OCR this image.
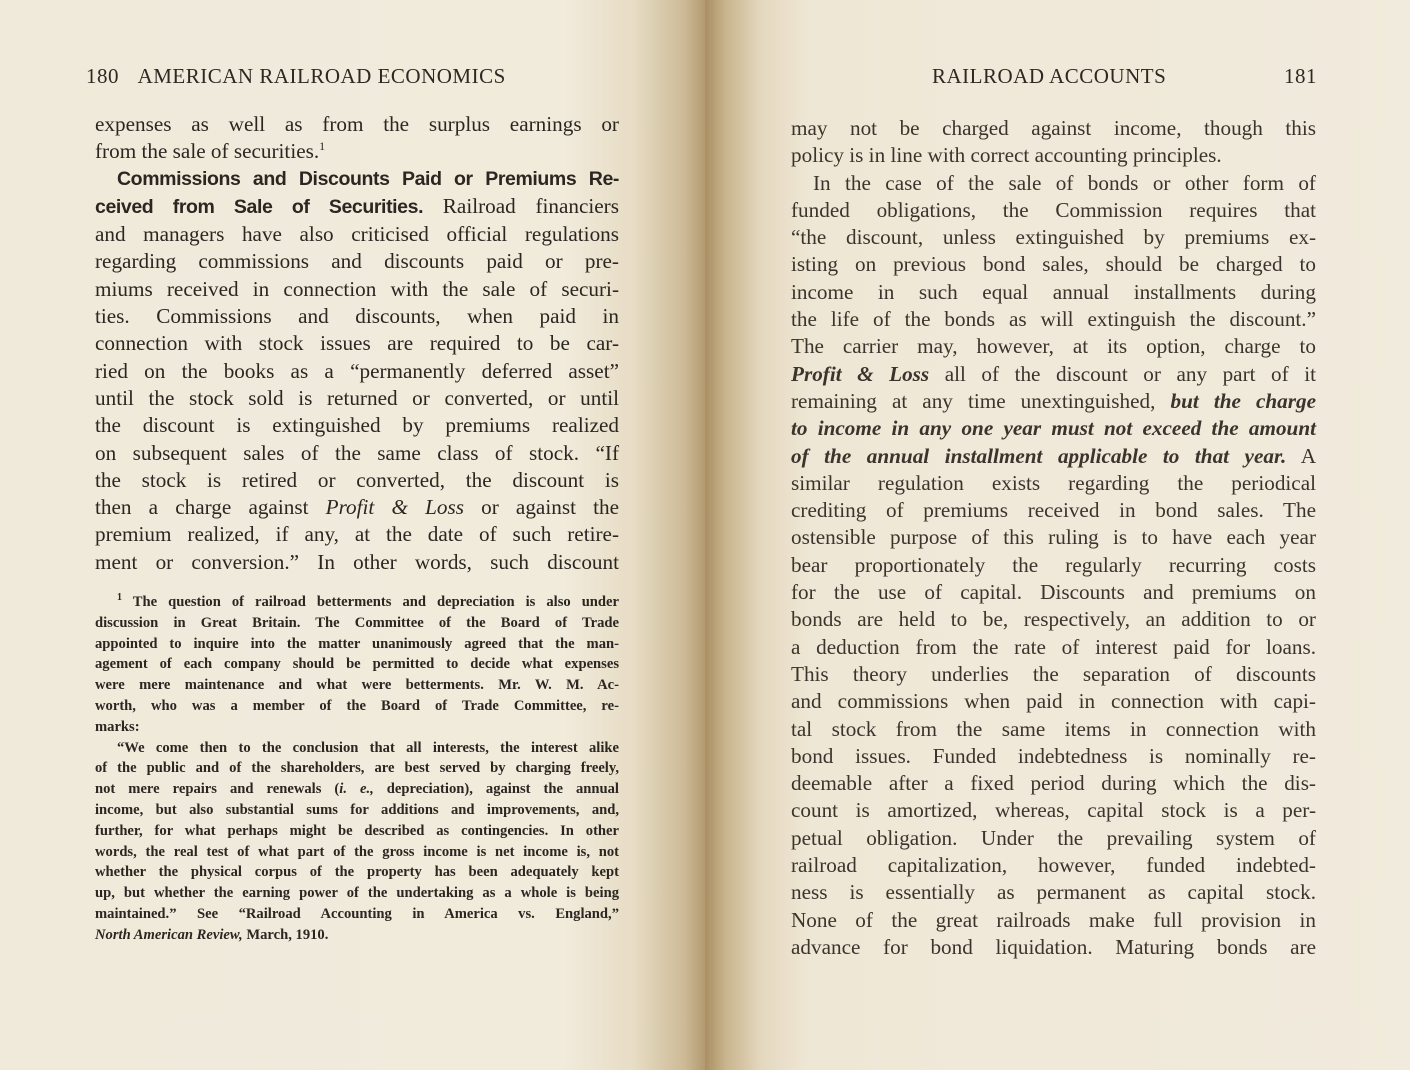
180 AMERICAN RAILROAD ECONOMICS
expenses as well as from the surplus earnings or
from the sale of securities.$^1$
Commissions and Discounts Paid or Premiums Re-
ceived from Sale of Securities. Railroad financiers
and managers have also criticised official regulations
regarding commissions and discounts paid or pre-
miums received in connection with the sale of securi-
ties. Commissions and discounts, when paid in
connection with stock issues are required to be car-
ried on the books as a “permanently deferred asset”
until the stock sold is returned or converted, or until
the discount is extinguished by premiums realized
on subsequent sales of the same class of stock. “If
the stock is retired or converted, the discount is
then a charge against Profit & Loss or against the
premium realized, if any, at the date of such retire-
ment or conversion.” In other words, such discount
$^1$ The question of railroad betterments and depreciation is also under
discussion in Great Britain. The Committee of the Board of Trade
appointed to inquire into the matter unanimously agreed that the man-
agement of each company should be permitted to decide what expenses
were mere maintenance and what were betterments. Mr. W. M. Ac-
worth, who was a member of the Board of Trade Committee, re-
marks:
“We come then to the conclusion that all interests, the interest alike
of the public and of the shareholders, are best served by charging freely,
not mere repairs and renewals (i. e., depreciation), against the annual
income, but also substantial sums for additions and improvements, and,
further, for what perhaps might be described as contingencies. In other
words, the real test of what part of the gross income is net income is, not
whether the physical corpus of the property has been adequately kept
up, but whether the earning power of the undertaking as a whole is being
maintained.” See “Railroad Accounting in America vs. England,”
North American Review, March, 1910.
RAILROAD ACCOUNTS	181
may not be charged against income, though this
policy is in line with correct accounting principles.
In the case of the sale of bonds or other form of
funded obligations, the Commission requires that
“the discount, unless extinguished by premiums ex-
isting on previous bond sales, should be charged to
income in such equal annual installments during
the life of the bonds as will extinguish the discount.”
The carrier may, however, at its option, charge to
Profit & Loss all of the discount or any part of it
remaining at any time unextinguished, but the charge
to income in any one year must not exceed the amount
of the annual installment applicable to that year. A
similar regulation exists regarding the periodical
crediting of premiums received in bond sales. The
ostensible purpose of this ruling is to have each year
bear proportionately the regularly recurring costs
for the use of capital. Discounts and premiums on
bonds are held to be, respectively, an addition to or
a deduction from the rate of interest paid for loans.
This theory underlies the separation of discounts
and commissions when paid in connection with capi-
tal stock from the same items in connection with
bond issues. Funded indebtedness is nominally re-
deemable after a fixed period during which the dis-
count is amortized, whereas, capital stock is a per-
petual obligation. Under the prevailing system of
railroad capitalization, however, funded indebted-
ness is essentially as permanent as capital stock.
None of the great railroads make full provision in
advance for bond liquidation. Maturing bonds are
